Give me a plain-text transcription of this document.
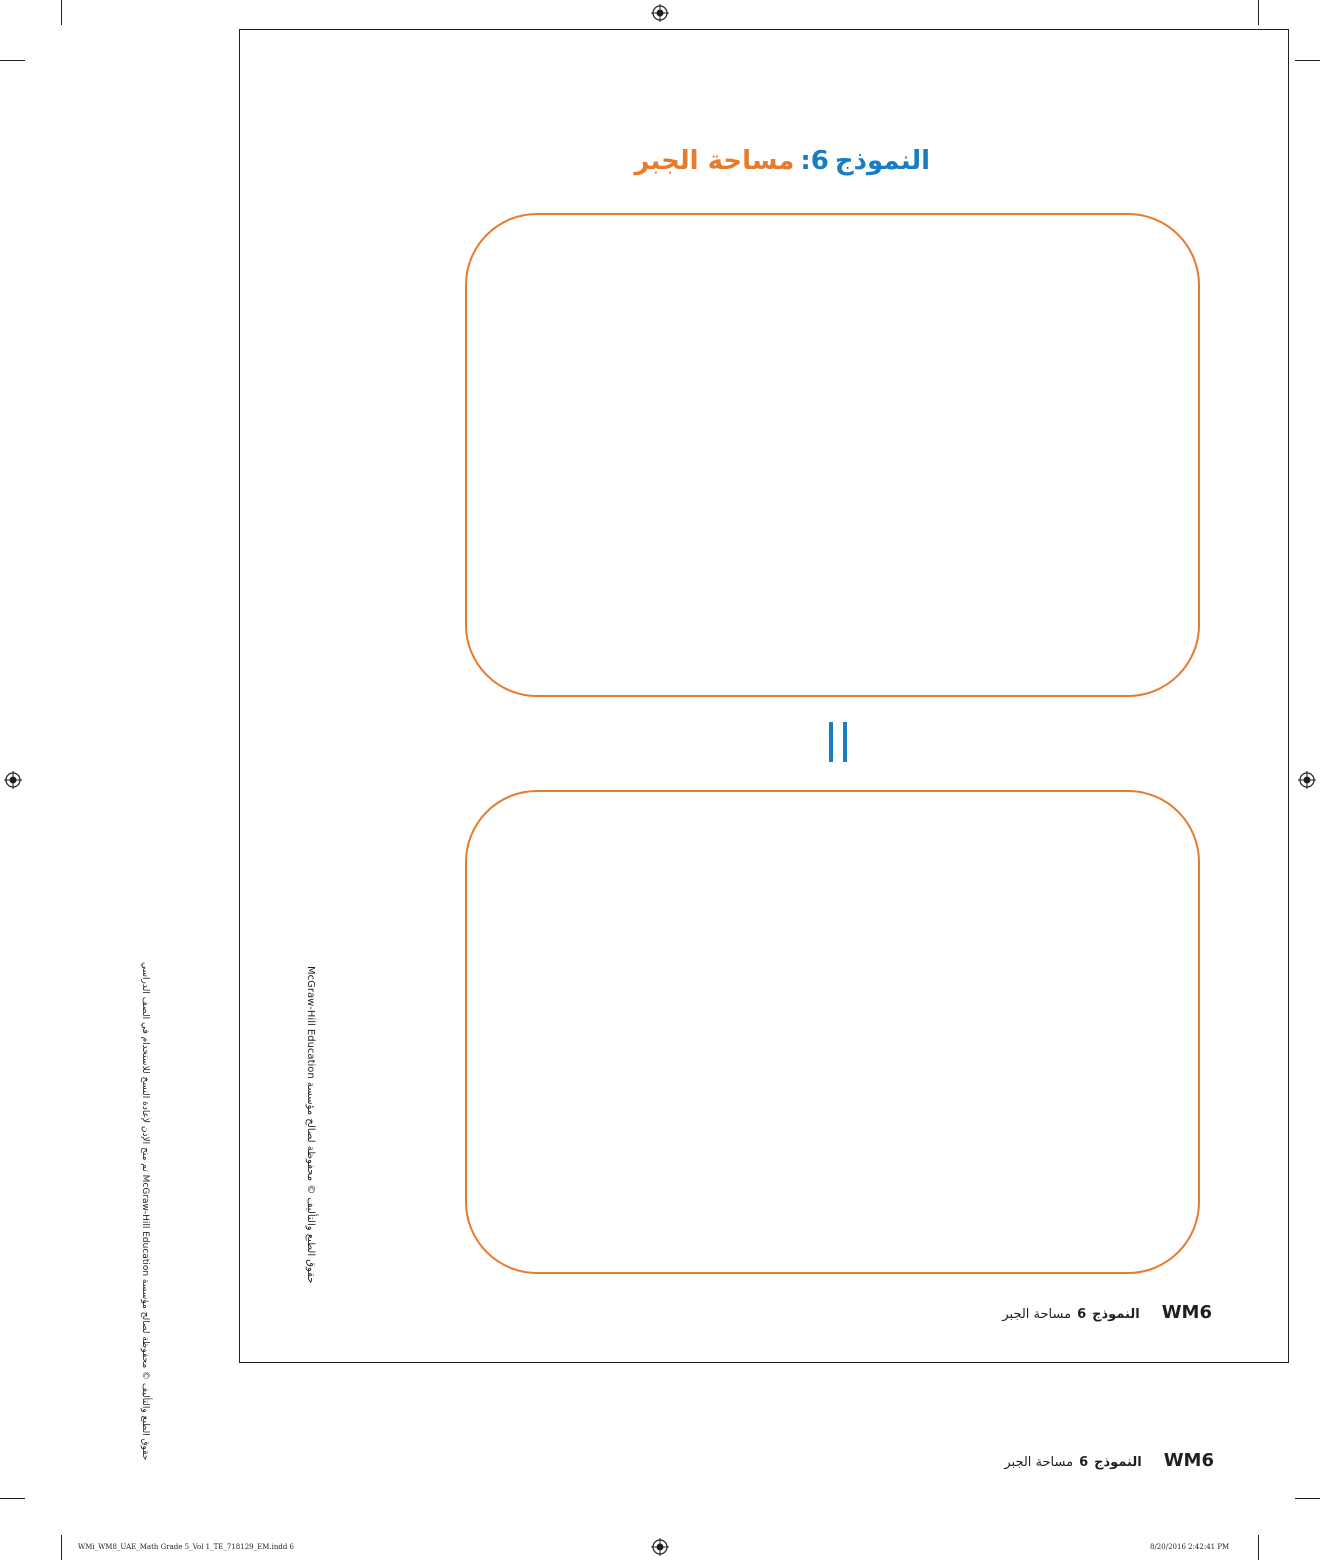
النموذج6:مساحة الجبر
WM6النموذج6مساحة الجبر
WM6النموذج6مساحة الجبر
حقوق الطبع والتأليف © محفوظة لصالح مؤسسة McGraw-Hill Education
حقوق الطبع والتأليف © محفوظة لصالح مؤسسة McGraw-Hill Education تم منح الإذن لإعادة النسخ للاستخدام في الصف الدراسي
WMi_WM8_UAE_Math Grade 5_Vol 1_TE_718129_EM.indd 6	8/20/2016 2:42:41 PM
